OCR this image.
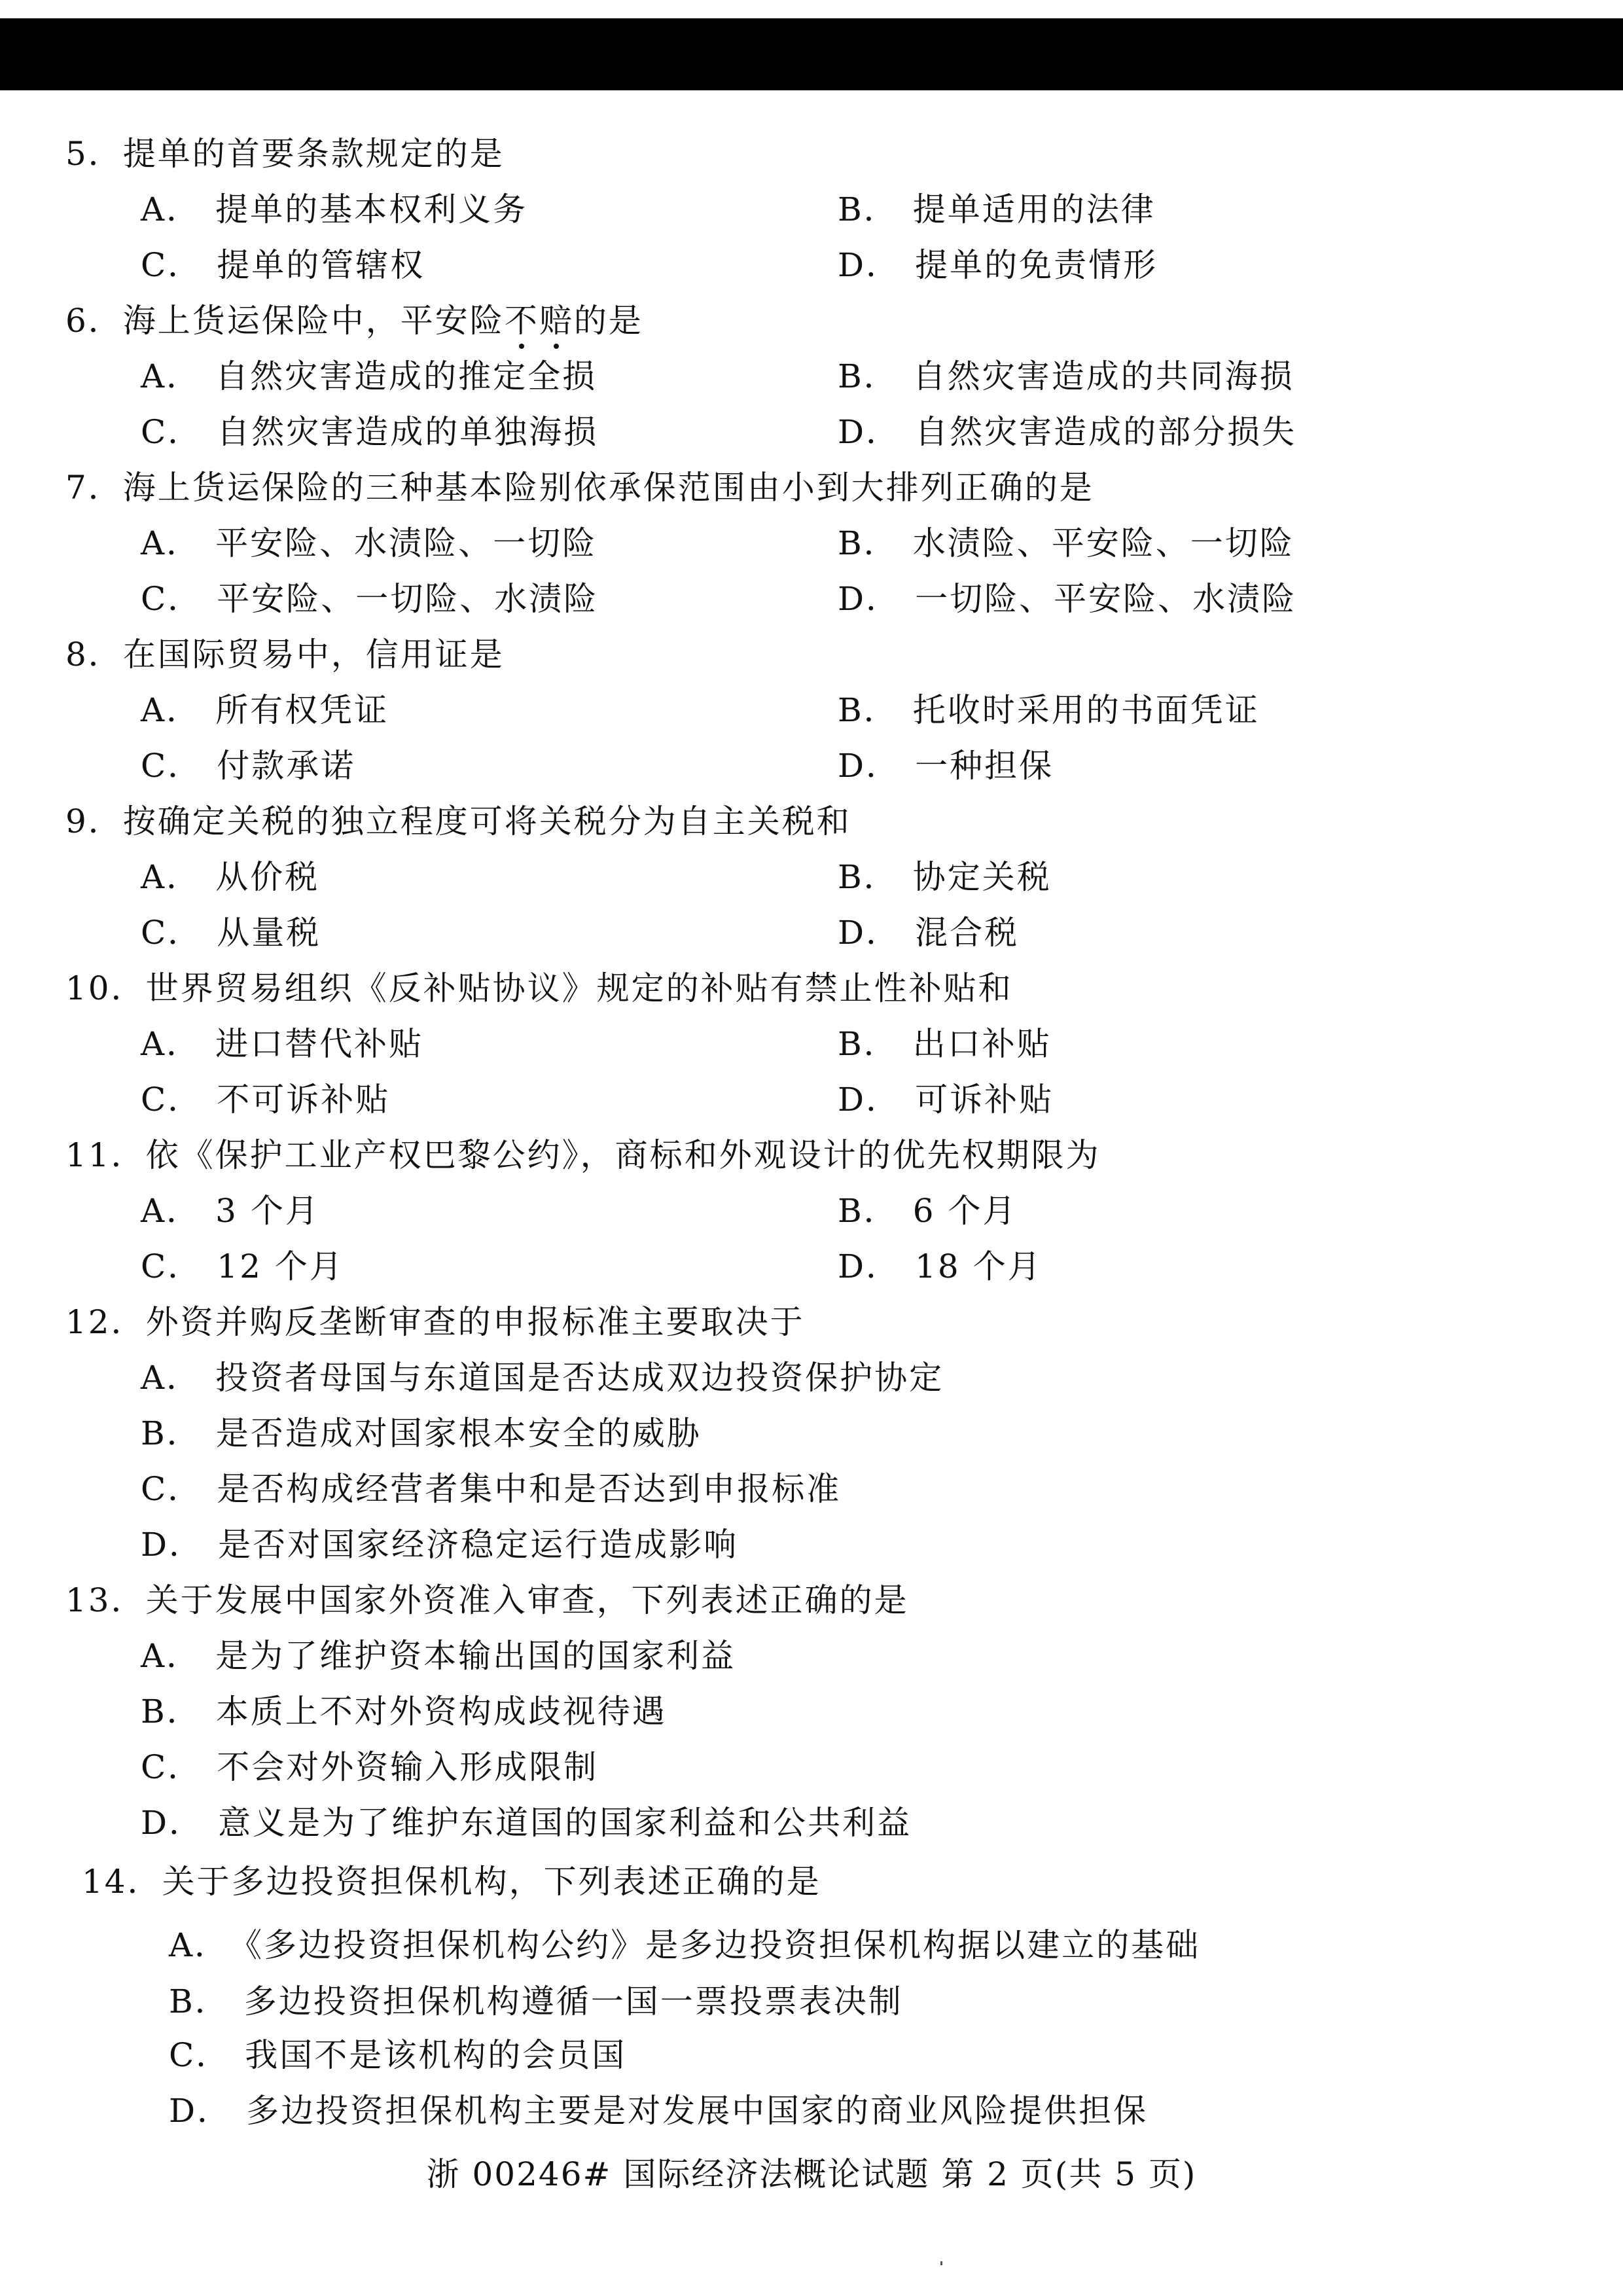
5．提单的首要条款规定的是
A． 提单的基本权利义务	B． 提单适用的法律
C． 提单的管辖权	D． 提单的免责情形
6．海上货运保险中，平安险不赔的是
A． 自然灾害造成的推定全损	B． 自然灾害造成的共同海损
C． 自然灾害造成的单独海损	D． 自然灾害造成的部分损失
7．海上货运保险的三种基本险别依承保范围由小到大排列正确的是
A． 平安险、水渍险、一切险	B． 水渍险、平安险、一切险
C． 平安险、一切险、水渍险	D． 一切险、平安险、水渍险
8．在国际贸易中，信用证是
A． 所有权凭证	B． 托收时采用的书面凭证
C． 付款承诺	D． 一种担保
9．按确定关税的独立程度可将关税分为自主关税和
A． 从价税	B． 协定关税
C． 从量税	D． 混合税
10．世界贸易组织《反补贴协议》规定的补贴有禁止性补贴和
A． 进口替代补贴	B． 出口补贴
C． 不可诉补贴	D． 可诉补贴
11．依《保护工业产权巴黎公约》，商标和外观设计的优先权期限为
A． 3 个月	B． 6 个月
C． 12 个月	D． 18 个月
12．外资并购反垄断审查的申报标准主要取决于
A． 投资者母国与东道国是否达成双边投资保护协定
B． 是否造成对国家根本安全的威胁
C． 是否构成经营者集中和是否达到申报标准
D． 是否对国家经济稳定运行造成影响
13．关于发展中国家外资准入审查，下列表述正确的是
A． 是为了维护资本输出国的国家利益
B． 本质上不对外资构成歧视待遇
C． 不会对外资输入形成限制
D． 意义是为了维护东道国的国家利益和公共利益
14．关于多边投资担保机构，下列表述正确的是
A．《多边投资担保机构公约》是多边投资担保机构据以建立的基础
B． 多边投资担保机构遵循一国一票投票表决制
C． 我国不是该机构的会员国
D． 多边投资担保机构主要是对发展中国家的商业风险提供担保
浙 00246# 国际经济法概论试题 第 2 页(共 5 页)
